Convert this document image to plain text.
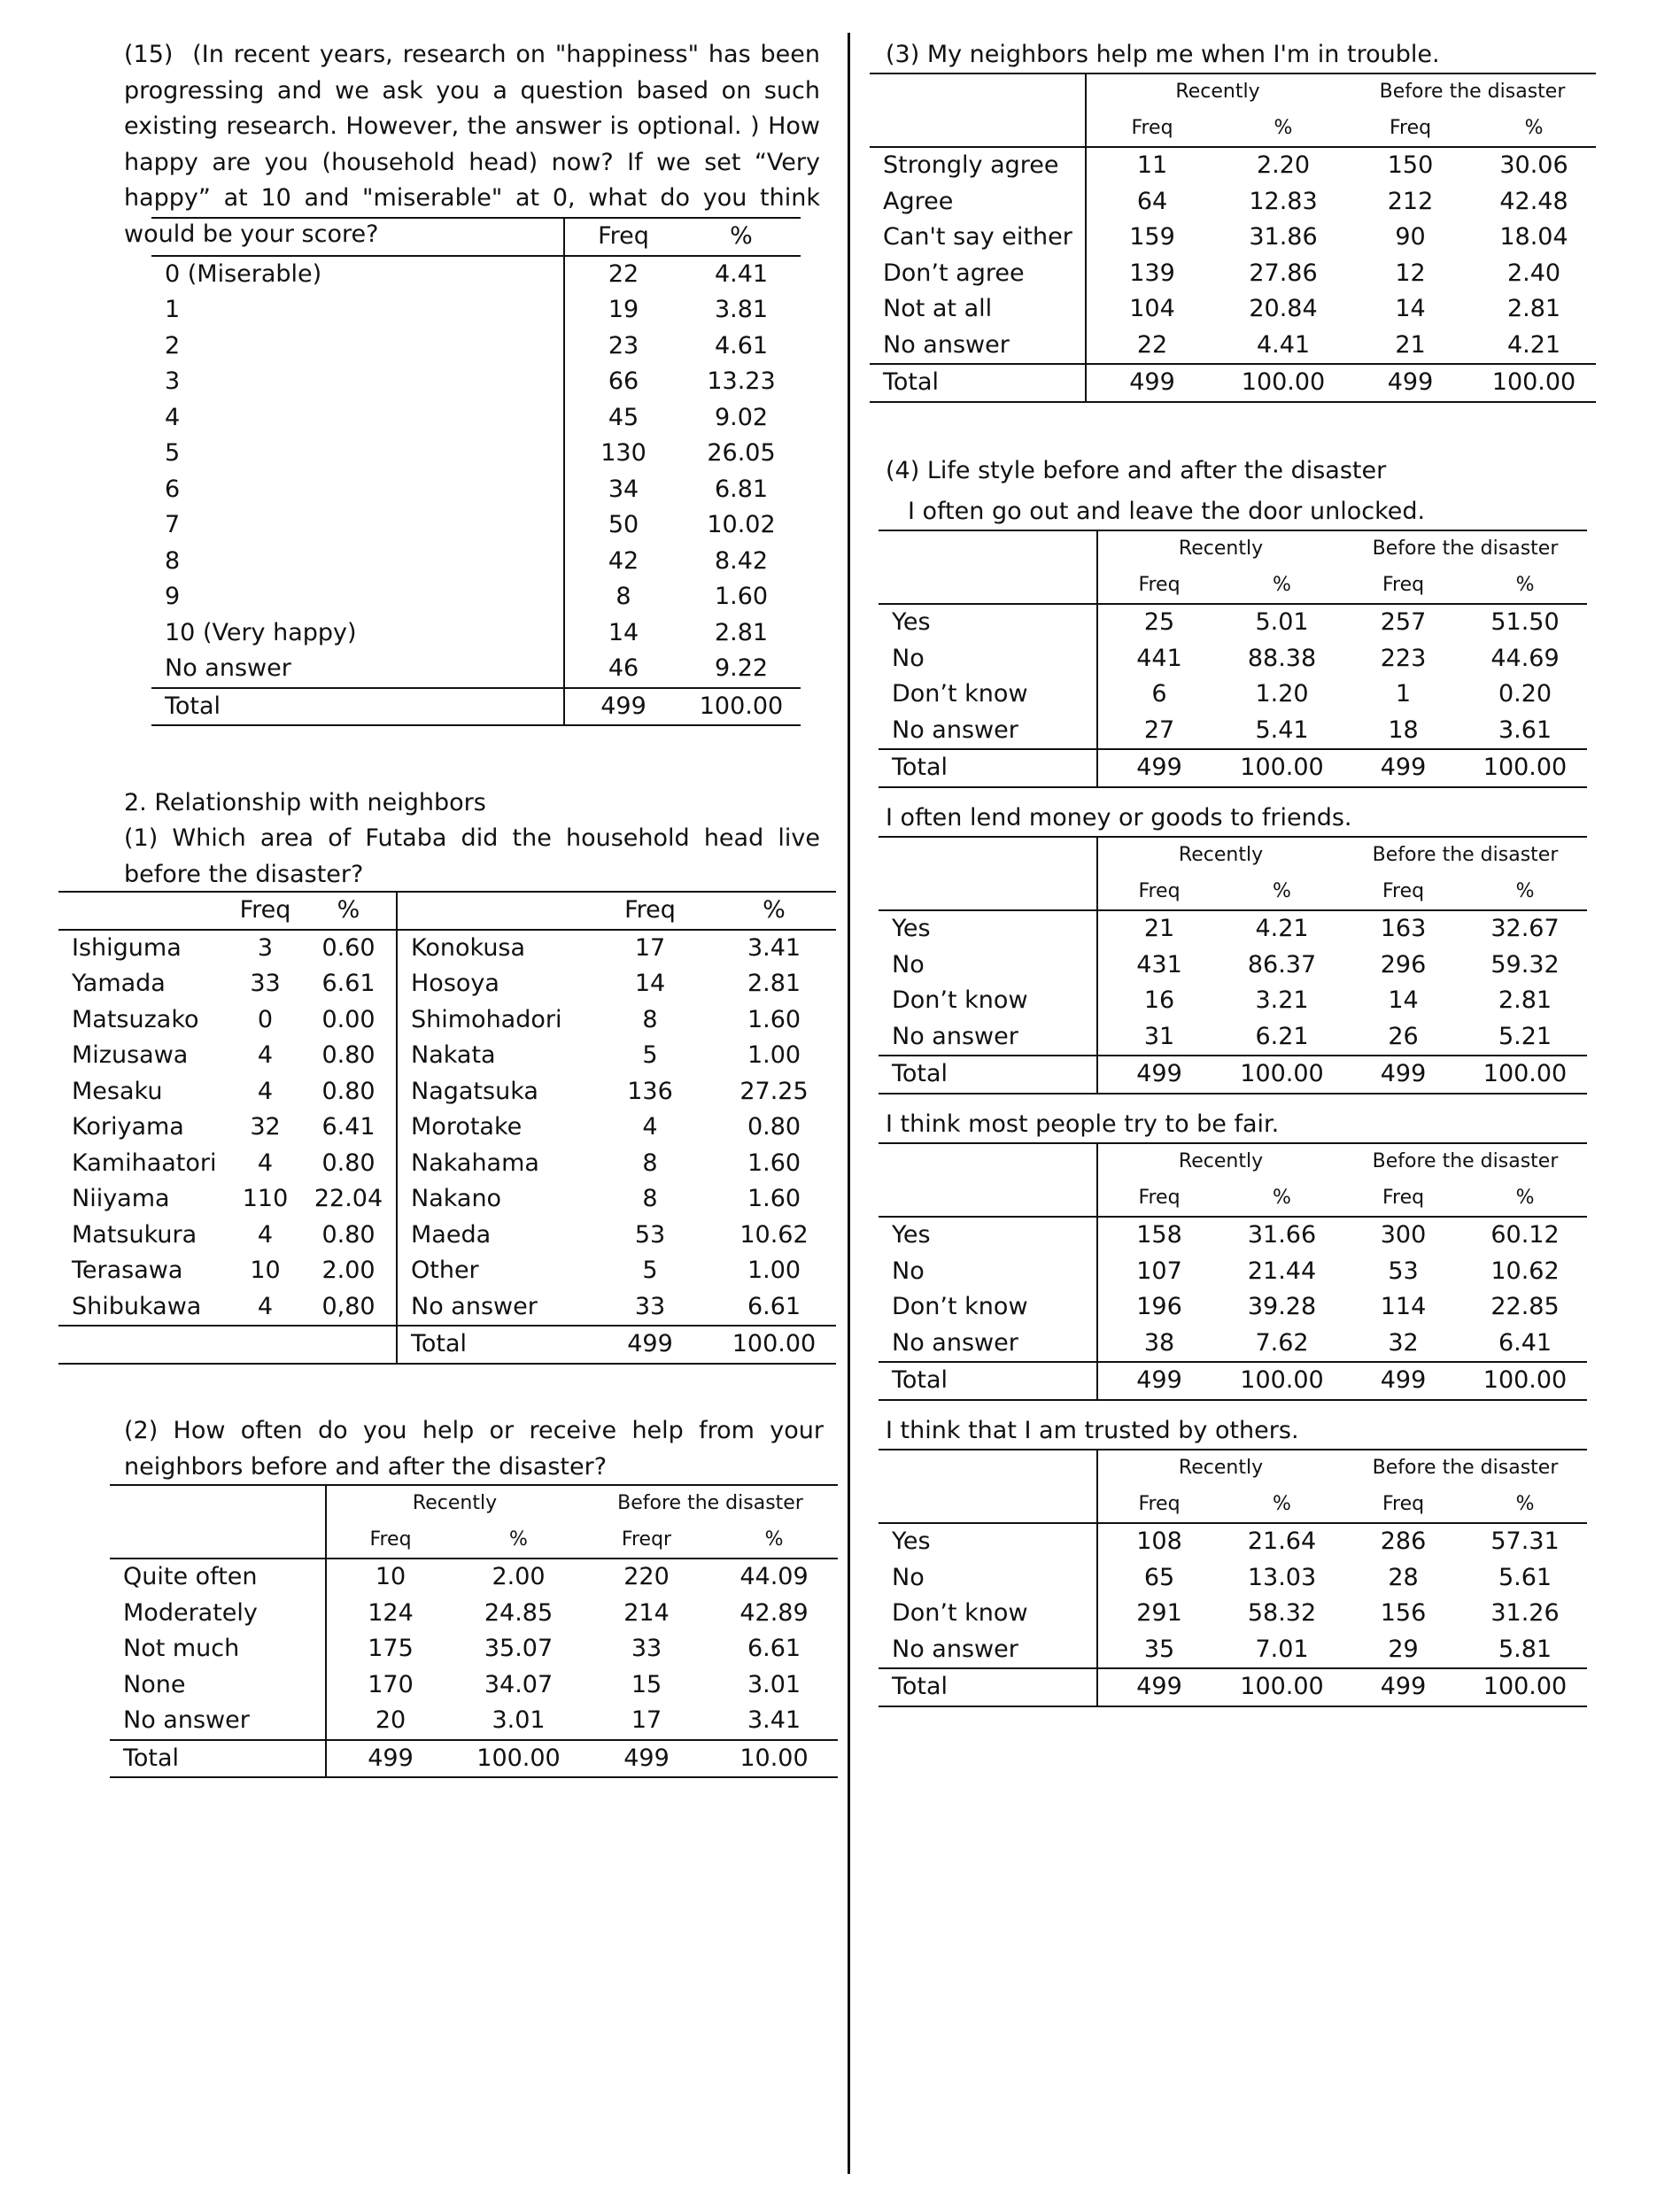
(15)  (In recent years, research on "happiness" has been progressing and we ask you a question based on such existing research. However, the answer is optional. ) How happy are you (household head) now? If we set “Very happy” at 10 and "miserable" at 0, what do you think would be your score?

		Freq	%
0 (Miserable)	22	4.41
1	19	3.81
2	23	4.61
3	66	13.23
4	45	9.02
5	130	26.05
6	34	6.81
7	50	10.02
8	42	8.42
9	8	1.60
10 (Very happy)	14	2.81
No answer	46	9.22
Total	499	100.00

2. Relationship with neighbors

(1) Which area of Futaba did the household head live before the disaster?

	Freq	%		Freq	%
Ishiguma	3	0.60	Konokusa	17	3.41
Yamada	33	6.61	Hosoya	14	2.81
Matsuzako	0	0.00	Shimohadori	8	1.60
Mizusawa	4	0.80	Nakata	5	1.00
Mesaku	4	0.80	Nagatsuka	136	27.25
Koriyama	32	6.41	Morotake	4	0.80
Kamihaatori	4	0.80	Nakahama	8	1.60
Niiyama	110	22.04	Nakano	8	1.60
Matsukura	4	0.80	Maeda	53	10.62
Terasawa	10	2.00	Other	5	1.00
Shibukawa	4	0,80	No answer	33	6.61
			Total	499	100.00

(2) How often do you help or receive help from your neighbors before and after the disaster?

	Recently		Before the disaster	
	Freq	%	Freqr	%
Quite often	10	2.00	220	44.09
Moderately	124	24.85	214	42.89
Not much	175	35.07	33	6.61
None	170	34.07	15	3.01
No answer	20	3.01	17	3.41
Total	499	100.00	499	10.00

(3) My neighbors help me when I'm in trouble.

	Recently		Before the disaster	
	Freq	%	Freq	%
Strongly agree	11	2.20	150	30.06
Agree	64	12.83	212	42.48
Can't say either	159	31.86	90	18.04
Don’t agree	139	27.86	12	2.40
Not at all	104	20.84	14	2.81
No answer	22	4.41	21	4.21
Total	499	100.00	499	100.00

(4) Life style before and after the disaster

I often go out and leave the door unlocked.

	Recently		Before the disaster	
	Freq	%	Freq	%
Yes	25	5.01	257	51.50
No	441	88.38	223	44.69
Don’t know	6	1.20	1	0.20
No answer	27	5.41	18	3.61
Total	499	100.00	499	100.00

I often lend money or goods to friends.

	Recently		Before the disaster	
	Freq	%	Freq	%
Yes	21	4.21	163	32.67
No	431	86.37	296	59.32
Don’t know	16	3.21	14	2.81
No answer	31	6.21	26	5.21
Total	499	100.00	499	100.00

I think most people try to be fair.

	Recently		Before the disaster	
	Freq	%	Freq	%
Yes	158	31.66	300	60.12
No	107	21.44	53	10.62
Don’t know	196	39.28	114	22.85
No answer	38	7.62	32	6.41
Total	499	100.00	499	100.00

I think that I am trusted by others.

	Recently		Before the disaster	
	Freq	%	Freq	%
Yes	108	21.64	286	57.31
No	65	13.03	28	5.61
Don’t know	291	58.32	156	31.26
No answer	35	7.01	29	5.81
Total	499	100.00	499	100.00
